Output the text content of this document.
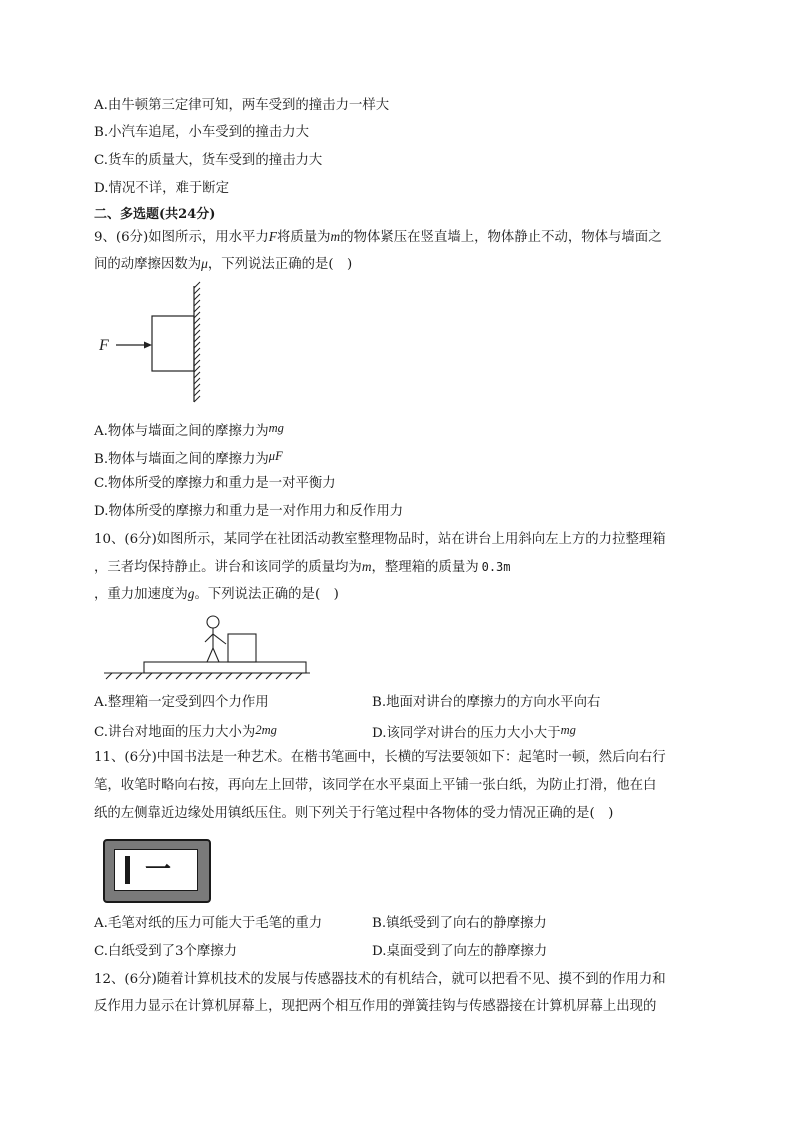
A.由牛顿第三定律可知，两车受到的撞击力一样大
B.小汽车追尾，小车受到的撞击力大
C.货车的质量大，货车受到的撞击力大
D.情况不详，难于断定
二、多选题(共24分)
9、(6分)如图所示，用水平力F将质量为m的物体紧压在竖直墙上，物体静止不动，物体与墙面之
间的动摩擦因数为μ，下列说法正确的是(　)
F
A.物体与墙面之间的摩擦力为mg
B.物体与墙面之间的摩擦力为μF
C.物体所受的摩擦力和重力是一对平衡力
D.物体所受的摩擦力和重力是一对作用力和反作用力
10、(6分)如图所示，某同学在社团活动教室整理物品时，站在讲台上用斜向左上方的力拉整理箱
，三者均保持静止。讲台和该同学的质量均为m，整理箱的质量为 0.3m
，重力加速度为g。下列说法正确的是(　)
A.整理箱一定受到四个力作用	B.地面对讲台的摩擦力的方向水平向右
C.讲台对地面的压力大小为2mg	D.该同学对讲台的压力大小大于mg
11、(6分)中国书法是一种艺术。在楷书笔画中，长横的写法要领如下：起笔时一顿，然后向右行
笔，收笔时略向右按，再向左上回带，该同学在水平桌面上平铺一张白纸，为防止打滑，他在白
纸的左侧靠近边缘处用镇纸压住。则下列关于行笔过程中各物体的受力情况正确的是(　)
一
A.毛笔对纸的压力可能大于毛笔的重力	B.镇纸受到了向右的静摩擦力
C.白纸受到了3个摩擦力	D.桌面受到了向左的静摩擦力
12、(6分)随着计算机技术的发展与传感器技术的有机结合，就可以把看不见、摸不到的作用力和
反作用力显示在计算机屏幕上，现把两个相互作用的弹簧挂钩与传感器接在计算机屏幕上出现的
